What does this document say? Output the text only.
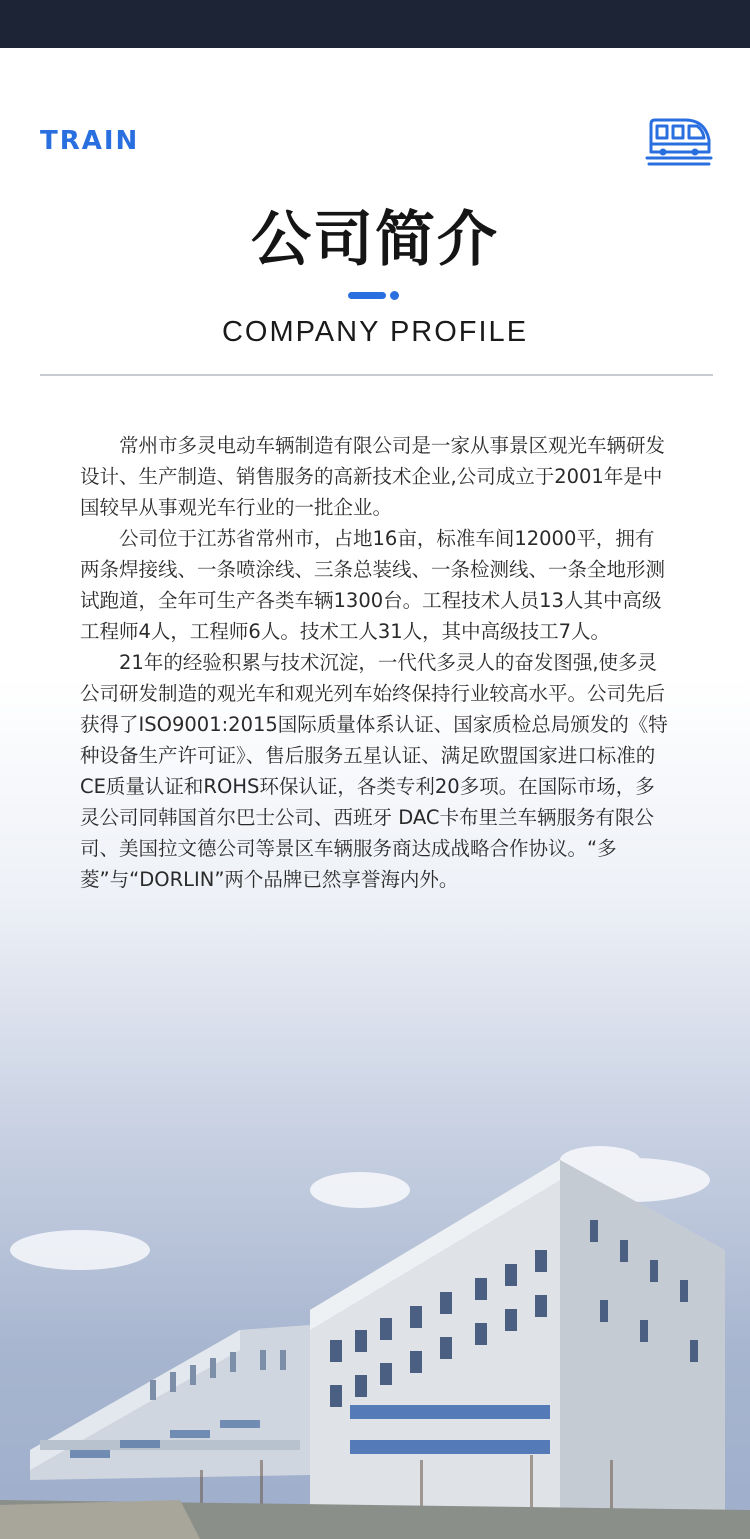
TRAIN
公司简介
COMPANY PROFILE

常州市多灵电动车辆制造有限公司是一家从事景区观光车辆研发设计、生产制造、销售服务的高新技术企业,公司成立于2001年是中国较早从事观光车行业的一批企业。

公司位于江苏省常州市，占地16亩，标准车间12000平，拥有两条焊接线、一条喷涂线、三条总装线、一条检测线、一条全地形测试跑道，全年可生产各类车辆1300台。工程技术人员13人其中高级工程师4人，工程师6人。技术工人31人，其中高级技工7人。

21年的经验积累与技术沉淀，一代代多灵人的奋发图强,使多灵公司研发制造的观光车和观光列车始终保持行业较高水平。公司先后获得了ISO9001:2015国际质量体系认证、国家质检总局颁发的《特种设备生产许可证》、售后服务五星认证、满足欧盟国家进口标准的CE质量认证和ROHS环保认证，各类专利20多项。在国际市场，多灵公司同韩国首尔巴士公司、西班牙 DAC卡布里兰车辆服务有限公司、美国拉文德公司等景区车辆服务商达成战略合作协议。“多菱”与“DORLIN”两个品牌已然享誉海内外。
